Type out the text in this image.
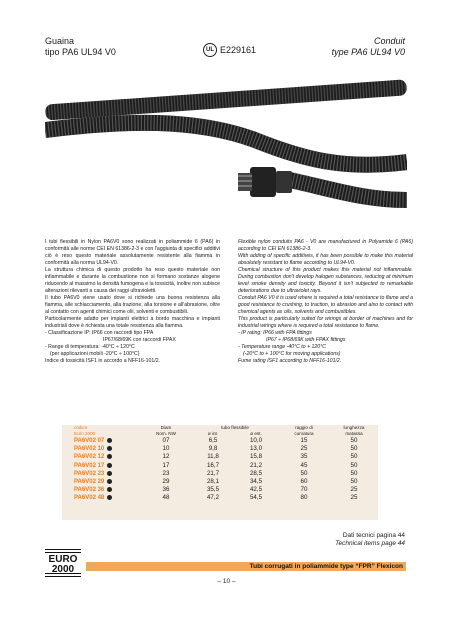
Guaina
tipo PA6 UL94 V0	UL E229161
Conduit
type PA6 UL94 V0

I tubi flessibili in Nylon PA6V0 sono realizzati in poliammide 6 (PA6) in conformità alle norme CEI EN 61386-2-3 e con l'aggiunta di specifici additivi ciò è reso questo materiale assolutamente resistente alla fiamma in conformità alla norma UL94-V0.

La struttura chimica di questo prodotto ha reso questo materiale non infiammabile e durante la combustione non si formano sostanze alogene riducendo al massimo la densità fumogena e la tossicità, inoltre non subisce alterazioni rilevanti a causa dei raggi ultravioletti.

Il tubo PA6V0 viene usato dove si richiede una buona resistenza alla fiamma, alle schiacciamento, alla trazione, alla torsione e all'abrasione, oltre al contatto con agenti chimici come olii, solventi e combustibili.

Particolarmente adatto per impianti elettrici a bordo macchina e impianti industriali dove è richiesta una totale resistenza alla fiamma.

- Classificazione IP: IP66 con raccordi tipo FPA

IP67/68/69K con raccordi FPAX

- Range di temperatura: -40°C ÷ 120°C

(per applicazioni mobili -20°C ÷ 100°C)

Indice di tossicità ISF1 in accordo a NFF16-101/2.

Flexible nylon conduits PA6 - V0 are manufactured in Polyamide 6 (PA6) according to CEI EN 61386-2-3.

With adding of specific additives, it has been possible to make this material absolutely resistant to flame according to UL94-V0.

Chemical structure of this product makes this material not inflammable. During combustion don't develop halogen substances, reducing at minimum level smoke density and toxicity. Beyond it isn't subjected to remarkable deteriorations due to ultraviolet rays.

Conduit PA6 V0 it is used where is required a total resistance to flame and a good resistance to crushing, to traction, to abrasion and also to contact with chemical agents as oils, solvents and combustibles.

This product is particularly suited for wirings at border of machines and for industrial wirings where is required a total resistance to flame.

- IP rating: IP66 with FPA fittings

IP67 ÷ IP68/69K with FPAX fittings

- Temperature range -40°C to + 120°C

(-20°C to + 100°C for moving applications)

Fume rating ISF1 according to NFF16-101/2.

codice	Diam	tubo flessibile		raggio di	lunghezza
Euro 2000	Nom. NW	ø int.	ø est.	curvatura	matassa
PA6V02 07	07	6,5	10,0	15	50
PA6V02 10	10	9,8	13,0	25	50
PA6V02 12	12	11,8	15,8	35	50
PA6V02 17	17	16,7	21,2	45	50
PA6V02 23	23	21,7	28,5	50	50
PA6V02 29	29	28,1	34,5	60	50
PA6V02 36	36	35,5	42,5	70	25
PA6V02 48	48	47,2	54,5	80	25
Dati tecnici pagina 44
Technical items page 44
EURO
2000	Tubi corrugati in poliammide type “FPR” Flexicon
– 10 –
